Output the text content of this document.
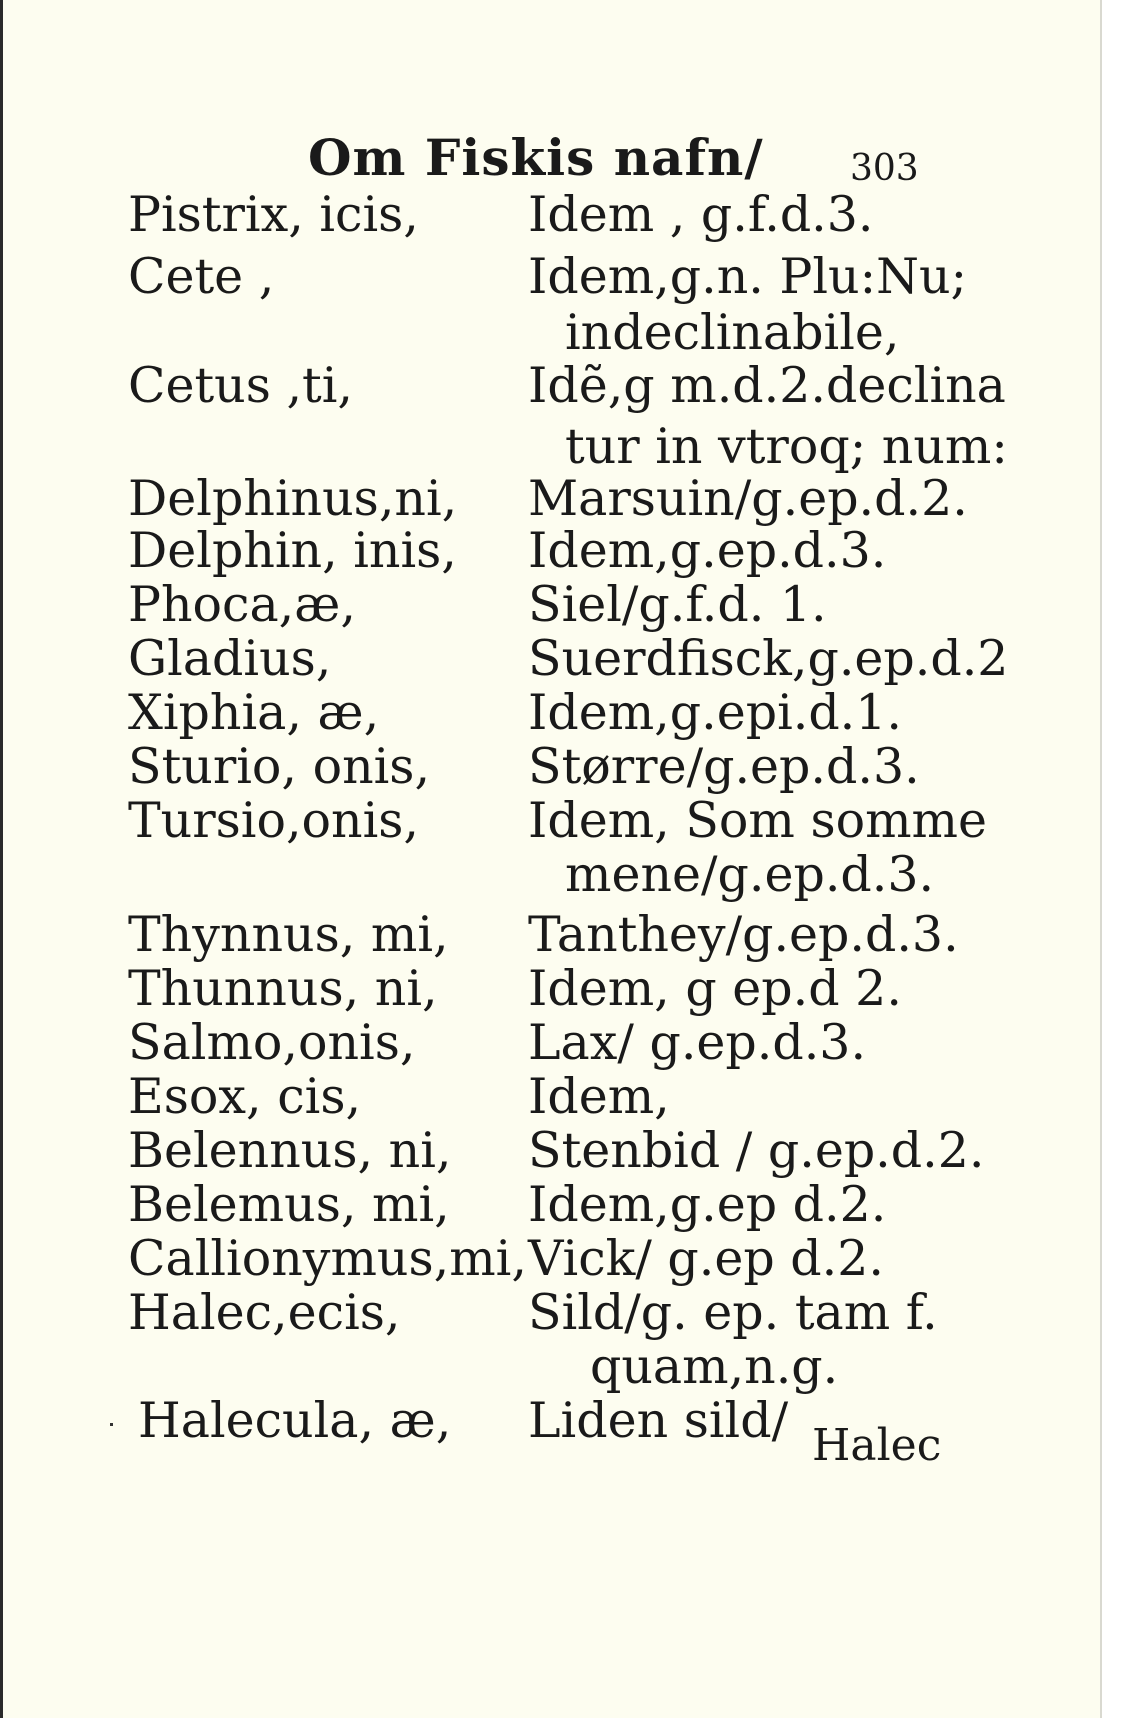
Om Fiskis nafn/ 303
Pistrix, icis, Idem , g.f.d.3.
Cete ,	Idem,g.n. Plu:Nu;
indeclinabile,
Cetus ,ti,	Idẽ,g m.d.2.declina
tur in vtroq; num:
Delphinus,ni, Marsuin/g.ep.d.2.
Delphin, inis, Idem,g.ep.d.3.
Phoca,æ,	Siel/g.f.d. 1.
Gladius,	Suerdfisck,g.ep.d.2
Xiphia, æ,	Idem,g.epi.d.1.
Sturio, onis, Større/g.ep.d.3.
Tursio,onis, Idem, Som somme
mene/g.ep.d.3.
Thynnus, mi, Tanthey/g.ep.d.3.
Thunnus, ni, Idem, g ep.d 2.
Salmo,onis, Lax/ g.ep.d.3.
Esox, cis,	Idem,
Belennus, ni, Stenbid / g.ep.d.2.
Belemus, mi, Idem,g.ep d.2.
Callionymus,mi, Vick/ g.ep d.2.
Halec,ecis,	Sild/g. ep. tam f.
quam,n.g.
Halecula, æ, Liden sild/ Halec
